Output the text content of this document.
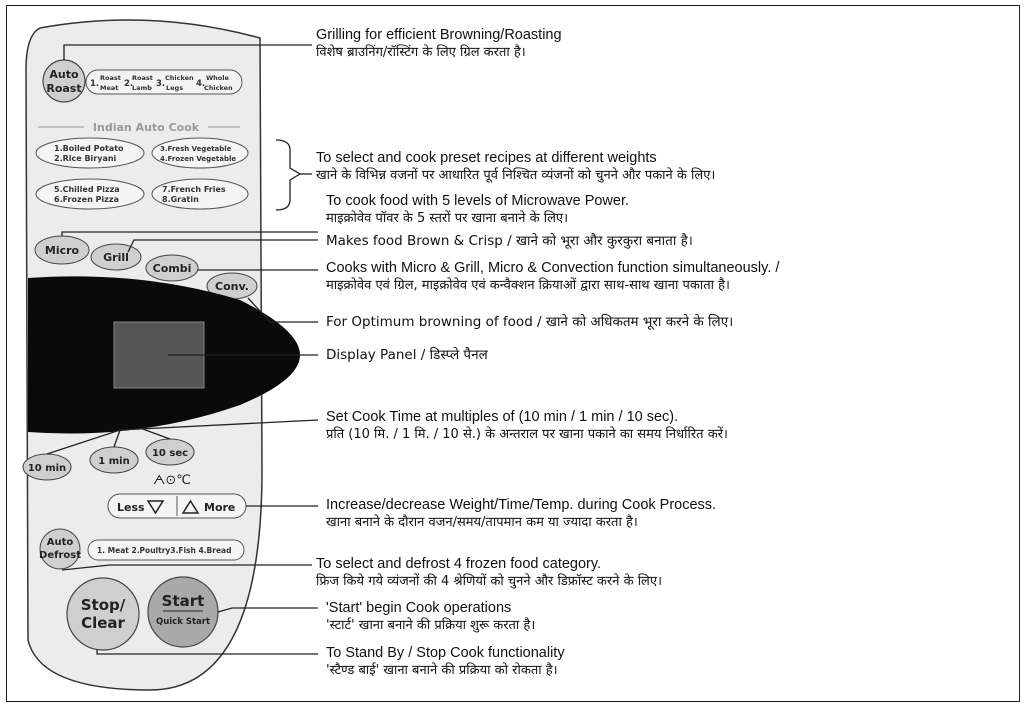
Auto
Roast 1.
Roast
Meat 2.
Roast
Lamb 3.
Chicken
Legs 4.
Whole
Chicken
Indian Auto Cook
1.Boiled Potato
2.Rice Biryani
3.Fresh Vegetable
4.Frozen Vegetable
5.Chilled Pizza
6.Frozen Pizza
7.French Fries
8.Gratin
Micro
Grill
Combi
Conv.
10 min
1 min
10 sec
ᗅ⊙℃
Less	More
Auto
Defrost 1. Meat 2.Poultry3.Fish 4.Bread
Stop/
Clear
Start
Quick Start
Grilling for efficient Browning/Roasting
विशेष ब्राउनिंग/रॉस्टिंग के लिए ग्रिल करता है।
To select and cook preset recipes at different weights
खाने के विभिन्न वजनों पर आधारित पूर्व निश्चित व्यंजनों को चुनने और पकाने के लिए।
To cook food with 5 levels of Microwave Power.
माइक्रोवेव पॉवर के 5 स्तरों पर खाना बनाने के लिए।
Makes food Brown & Crisp / खाने को भूरा और कुरकुरा बनाता है।
Cooks with Micro & Grill, Micro & Convection function simultaneously. /
माइक्रोवेव एवं ग्रिल, माइक्रोवेव एवं कन्वैक्शन क्रियाओं द्वारा साथ-साथ खाना पकाता है।
For Optimum browning of food / खाने को अधिकतम भूरा करने के लिए।
Display Panel / डिस्प्ले पैनल
Set Cook Time at multiples of (10 min / 1 min / 10 sec).
प्रति (10 मि. / 1 मि. / 10 से.) के अन्तराल पर खाना पकाने का समय निर्धारित करें।
Increase/decrease Weight/Time/Temp. during Cook Process.
खाना बनाने के दौरान वजन/समय/तापमान कम या ज्यादा करता है।
To select and defrost 4 frozen food category.
फ्रिज किये गये व्यंजनों की 4 श्रेणियों को चुनने और डिफ्रॉस्ट करने के लिए।
'Start' begin Cook operations
'स्टार्ट' खाना बनाने की प्रक्रिया शुरू करता है।
To Stand By / Stop Cook functionality
'स्टैण्ड बाई' खाना बनाने की प्रक्रिया को रोकता है।
